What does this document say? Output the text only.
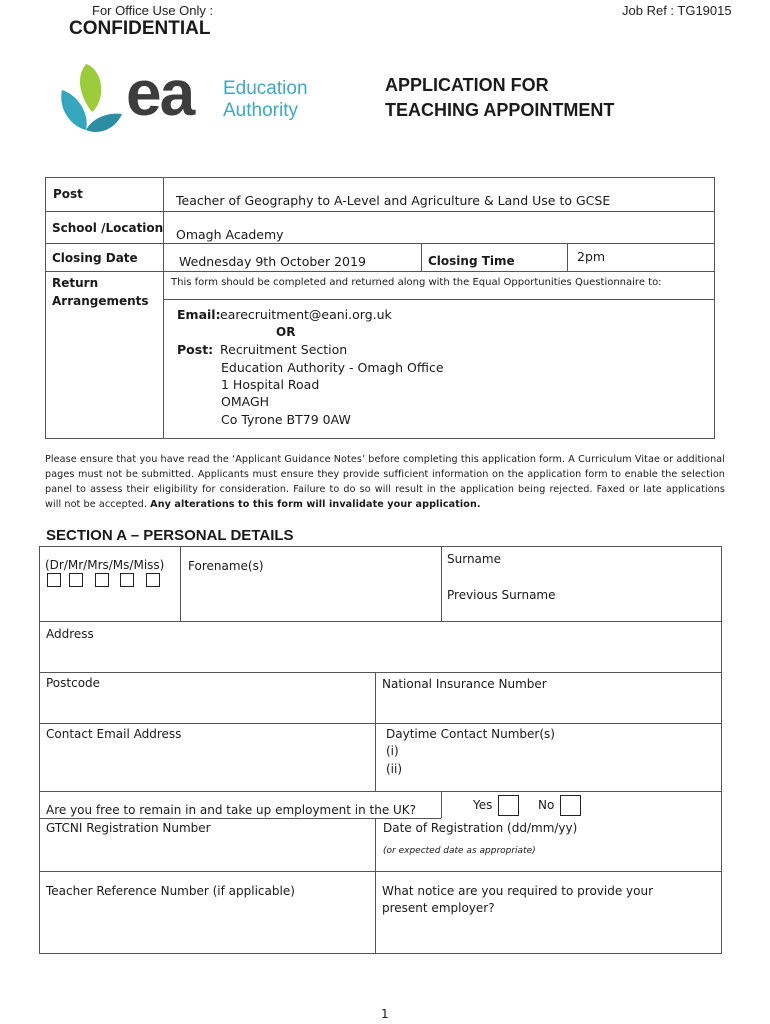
For Office Use Only :	Job Ref : TG19015
CONFIDENTIAL
ea Education
Authority
APPLICATION FOR
TEACHING APPOINTMENT
Post	Teacher of Geography to A-Level and Agriculture & Land Use to GCSE
School /Location Omagh Academy
Closing Date	Wednesday 9th October 2019	Closing Time	2pm
Return
Arrangements
This form should be completed and returned along with the Equal Opportunities Questionnaire to:
Email: earecruitment@eani.org.uk
OR
Post: Recruitment Section
Education Authority - Omagh Office
1 Hospital Road
OMAGH
Co Tyrone BT79 0AW
Please ensure that you have read the ‘Applicant Guidance Notes’ before completing this application form. A Curriculum Vitae or additional pages must not be submitted. Applicants must ensure they provide sufficient information on the application form to enable the selection panel to assess their eligibility for consideration. Failure to do so will result in the application being rejected. Faxed or late applications will not be accepted. Any alterations to this form will invalidate your application.
SECTION A – PERSONAL DETAILS
(Dr/Mr/Mrs/Ms/Miss) Forename(s)	Surname
Previous Surname
Address
Postcode	National Insurance Number
Contact Email Address	Daytime Contact Number(s)
(i)
(ii)
Are you free to remain in and take up employment in the UK?	Yes	No
GTCNI Registration Number	Date of Registration (dd/mm/yy)
(or expected date as appropriate)
Teacher Reference Number (if applicable)	What notice are you required to provide your
present employer?
1
